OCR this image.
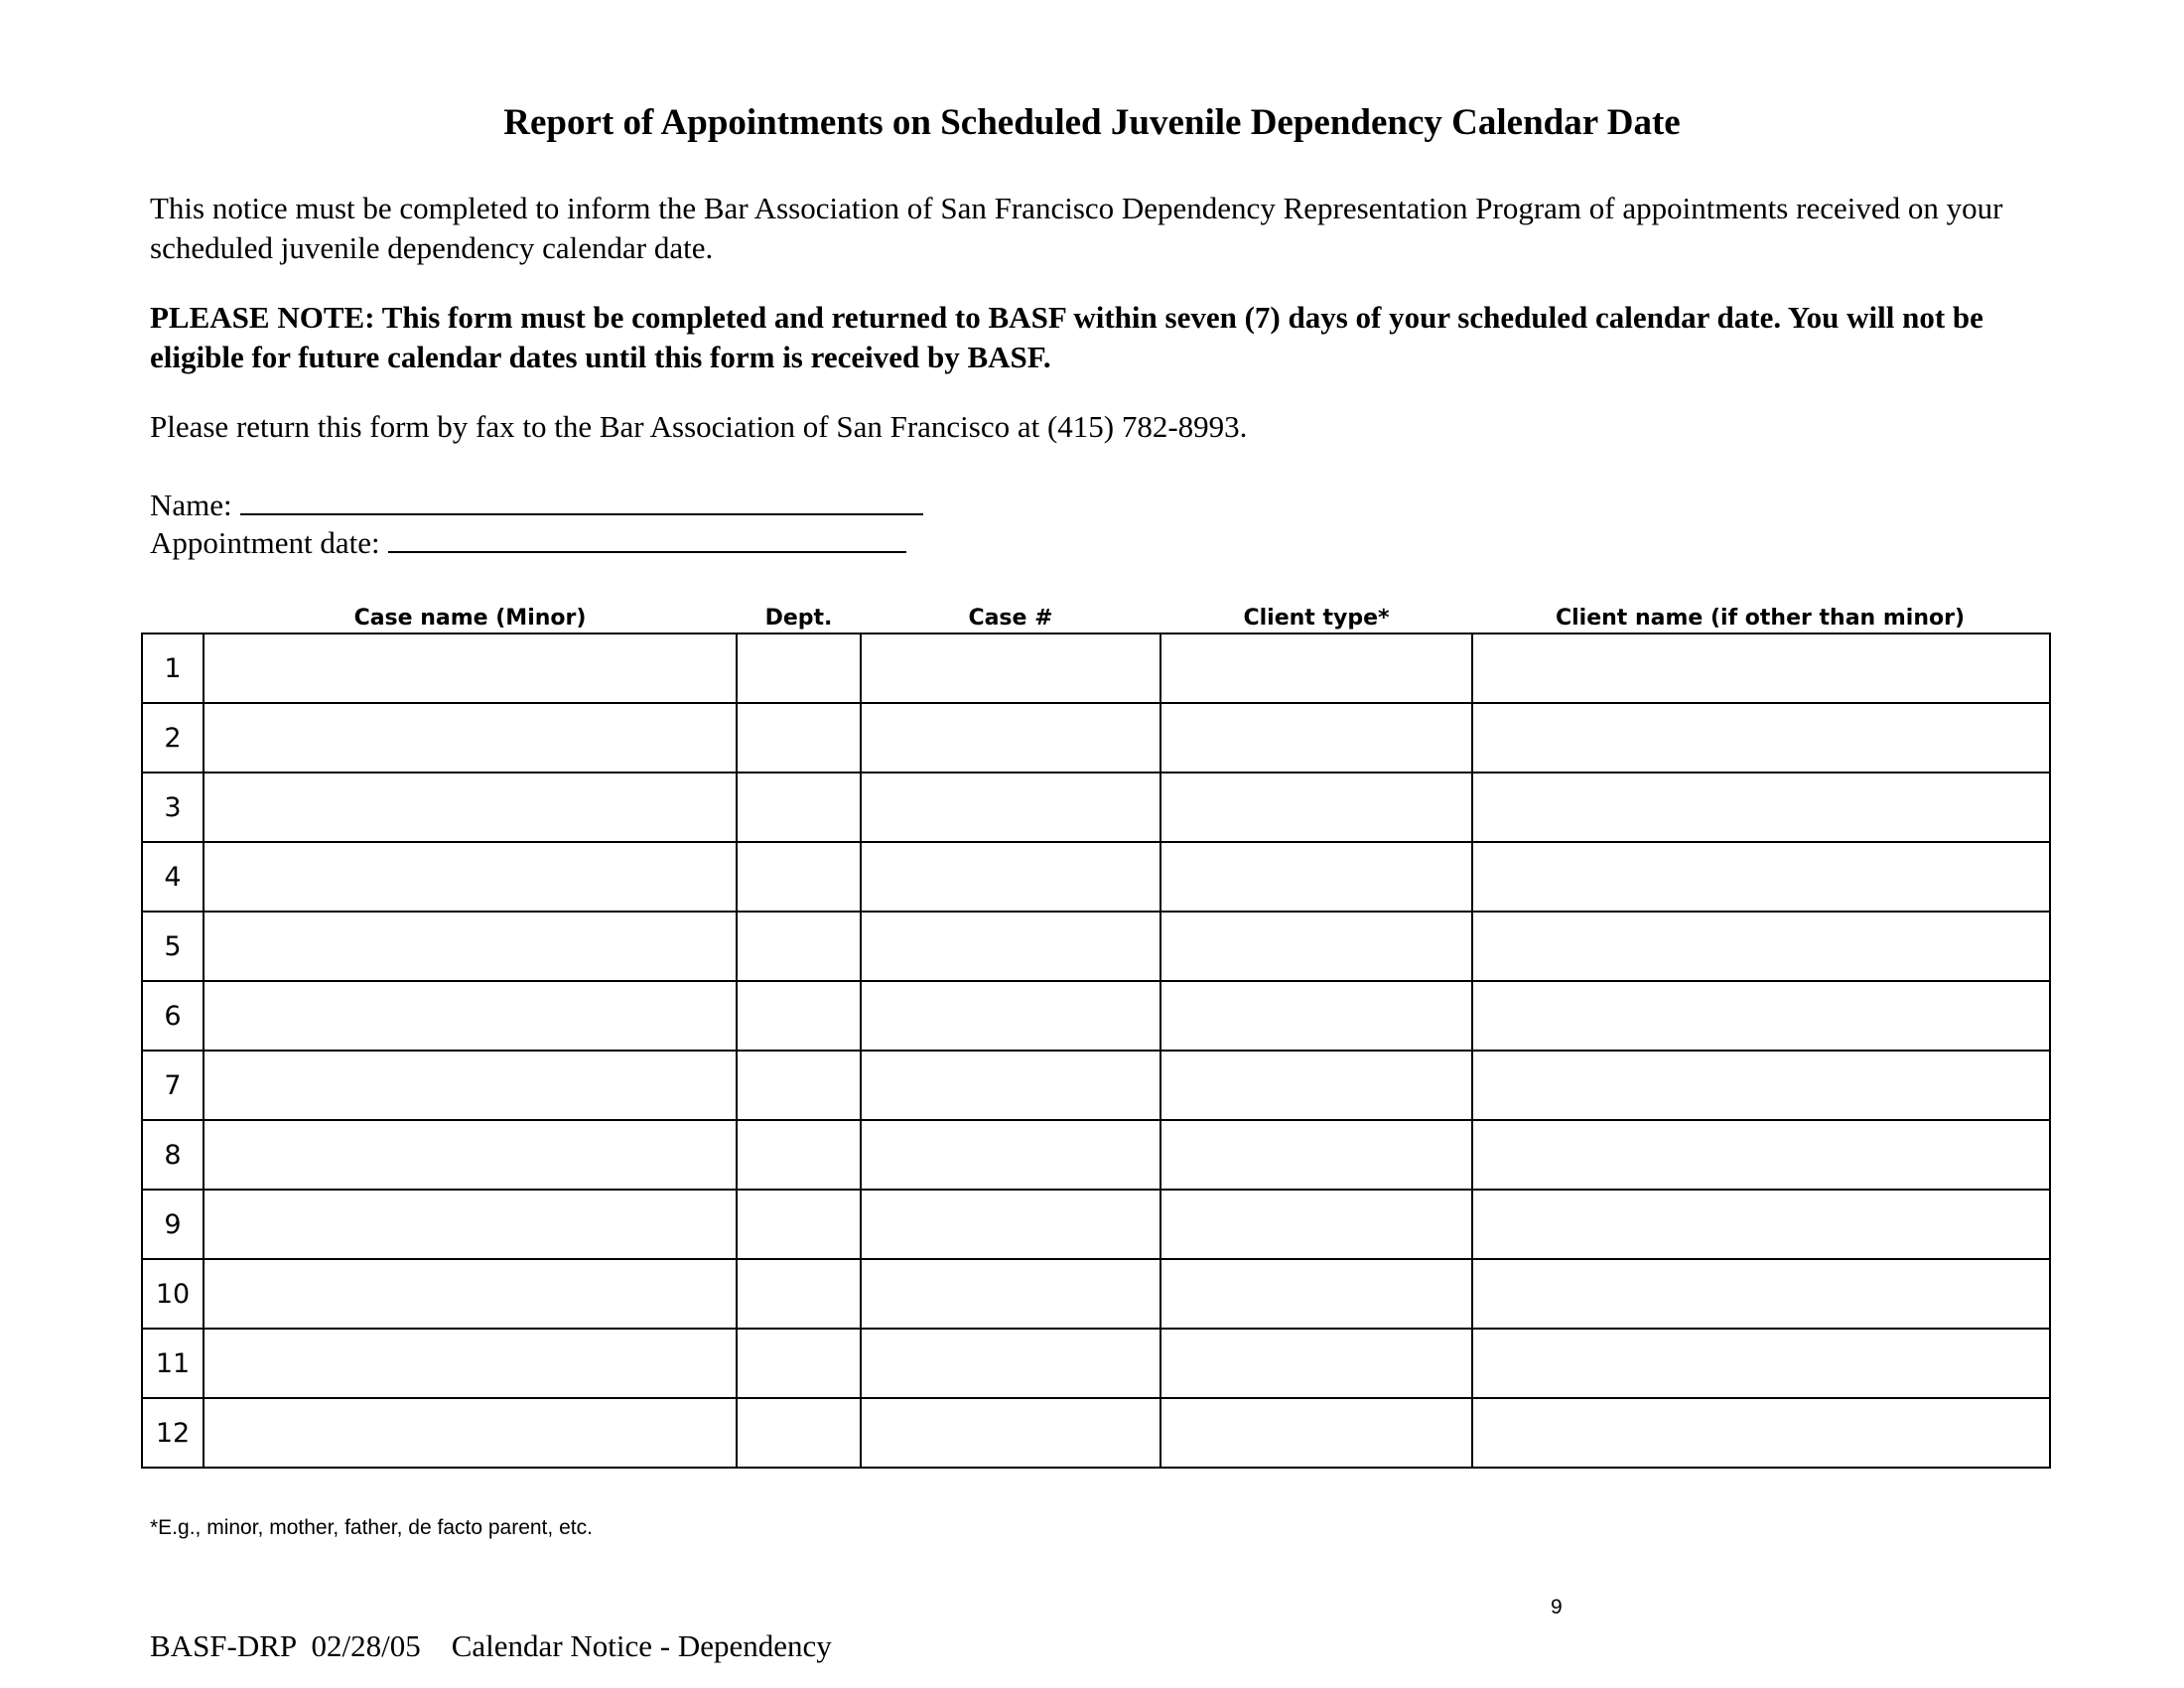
Report of Appointments on Scheduled Juvenile Dependency Calendar Date
This notice must be completed to inform the Bar Association of San Francisco Dependency Representation Program of appointments received on your scheduled juvenile dependency calendar date.
PLEASE NOTE: This form must be completed and returned to BASF within seven (7) days of your scheduled calendar date. You will not be eligible for future calendar dates until this form is received by BASF.
Please return this form by fax to the Bar Association of San Francisco at (415) 782-8993.
Name:
Appointment date:
Case name (Minor)	Dept.	Case #	Client type*	Client name (if other than minor)
1					
2					
3					
4					
5					
6					
7					
8					
9					
10					
11					
12					
*E.g., minor, mother, father, de facto parent, etc.
9
BASF-DRP  02/28/05    Calendar Notice - Dependency
